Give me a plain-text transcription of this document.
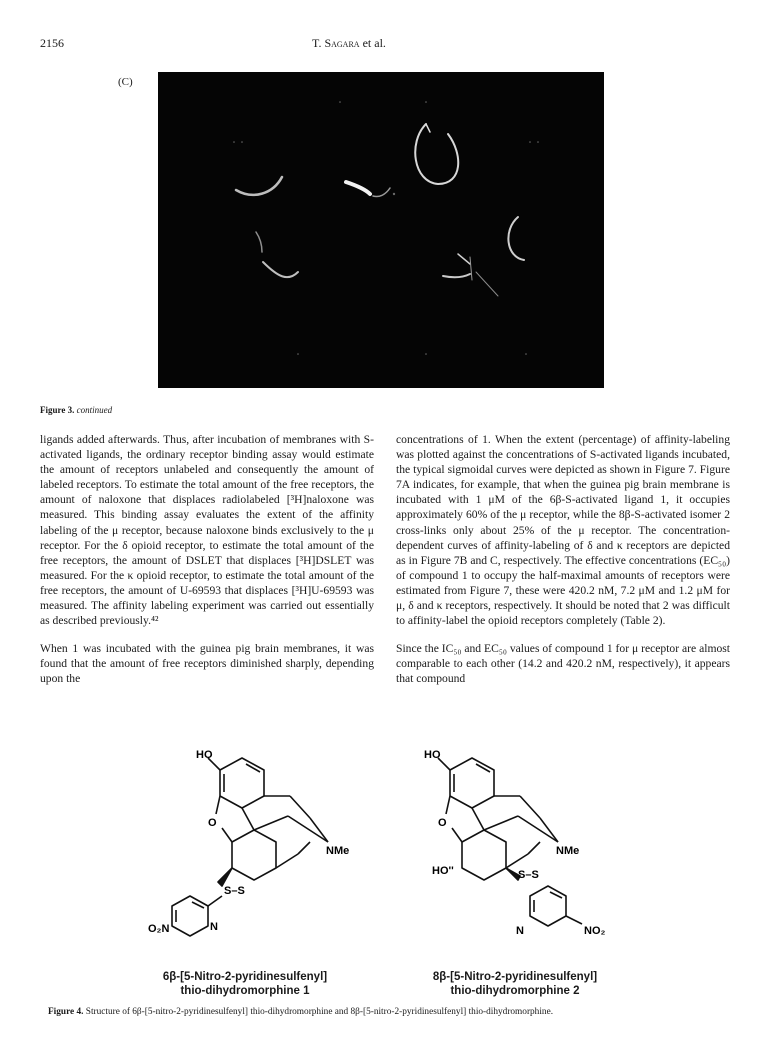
2156	T. Sagara et al.
(C)
Figure 3. continued

ligands added afterwards. Thus, after incubation of membranes with S-activated ligands, the ordinary receptor binding assay would estimate the amount of receptors unlabeled and consequently the amount of labeled receptors. To estimate the total amount of the free receptors, the amount of naloxone that displaces radiolabeled [³H]naloxone was measured. This binding assay evaluates the extent of the affinity labeling of the μ receptor, because naloxone binds exclusively to the μ receptor. For the δ opioid receptor, to estimate the total amount of the free receptors, the amount of DSLET that displaces [³H]DSLET was measured. For the κ opioid receptor, to estimate the total amount of the free receptors, the amount of U-69593 that displaces [³H]U-69593 was measured. The affinity labeling experiment was carried out essentially as described previously.⁴²

When 1 was incubated with the guinea pig brain membranes, it was found that the amount of free receptors diminished sharply, depending upon the

concentrations of 1. When the extent (percentage) of affinity-labeling was plotted against the concentrations of S-activated ligands incubated, the typical sigmoidal curves were depicted as shown in Figure 7. Figure 7A indicates, for example, that when the guinea pig brain membrane is incubated with 1 μM of the 6β-S-activated ligand 1, it occupies approximately 60% of the μ receptor, while the 8β-S-activated isomer 2 cross-links only about 25% of the μ receptor. The concentration-dependent curves of affinity-labeling of δ and κ receptors are depicted as in Figure 7B and C, respectively. The effective concentrations (EC₅₀) of compound 1 to occupy the half-maximal amounts of receptors were estimated from Figure 7, these were 420.2 nM, 7.2 μM and 1.2 μM for μ, δ and κ receptors, respectively. It should be noted that 2 was difficult to affinity-label the opioid receptors completely (Table 2).

Since the IC₅₀ and EC₅₀ values of compound 1 for μ receptor are almost comparable to each other (14.2 and 420.2 nM, respectively), it appears that compound

HO
O
NMe
S–S
N
O₂N
HO
O
NMe
HO''	S–S
N	NO₂
6β-[5-Nitro-2-pyridinesulfenyl]
thio-dihydromorphine 1
8β-[5-Nitro-2-pyridinesulfenyl]
thio-dihydromorphine 2
Figure 4. Structure of 6β-[5-nitro-2-pyridinesulfenyl] thio-dihydromorphine and 8β-[5-nitro-2-pyridinesulfenyl] thio-dihydromorphine.
